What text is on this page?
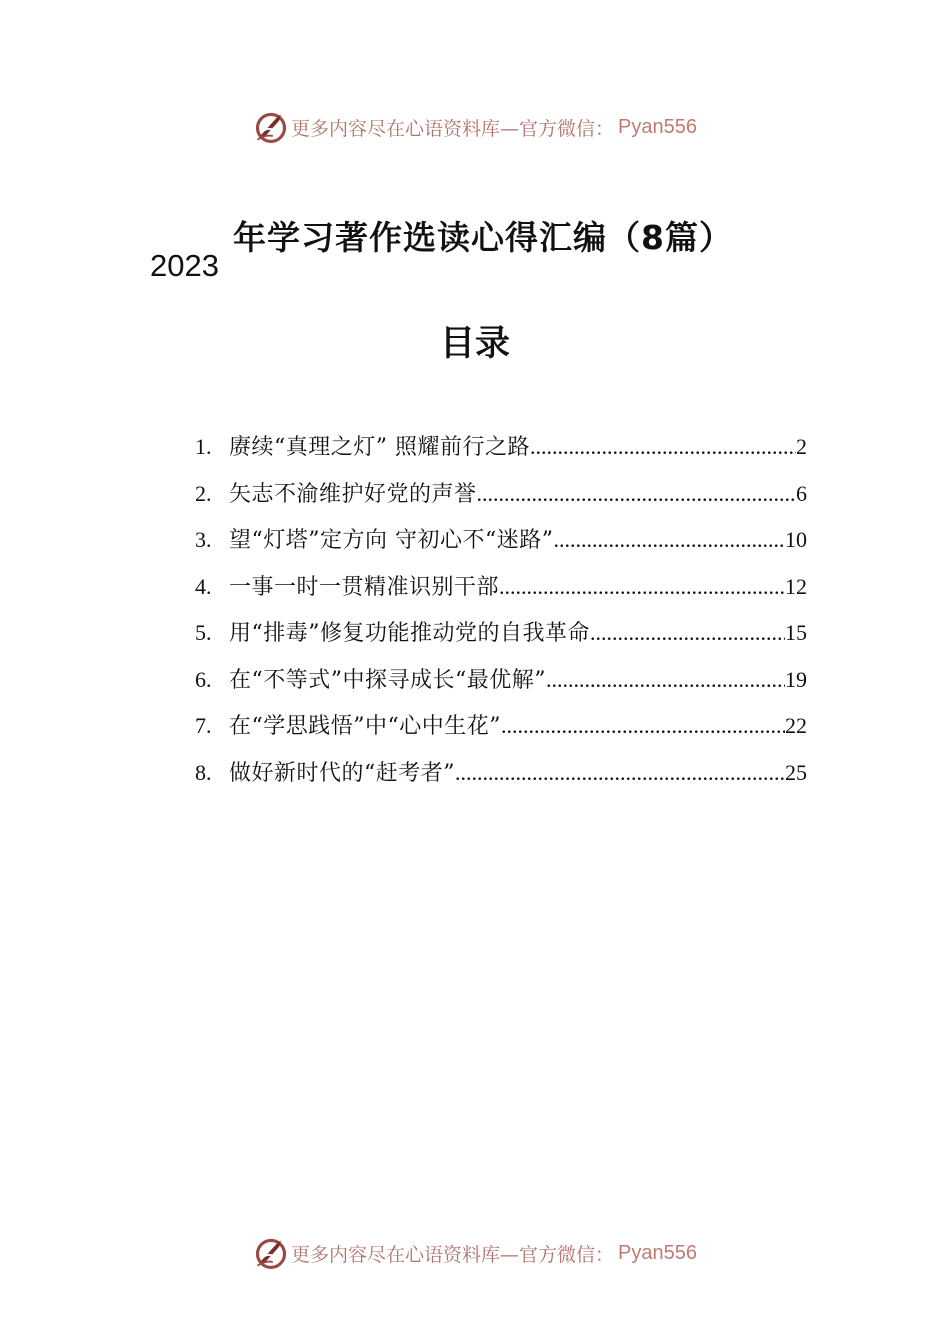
更多内容尽在心语资料库—官方微信： Pyan556
年学习著作选读心得汇编（8篇）
2023
目录
1. 赓续“真理之灯” 照耀前行之路 .....	2
2. 矢志不渝维护好党的声誉 .....	6
3. 望“灯塔”定方向 守初心不“迷路” .....	10
4. 一事一时一贯精准识别干部 .....	12
5. 用“排毒”修复功能推动党的自我革命 .....	15
6. 在“不等式”中探寻成长“最优解” .....	19
7. 在“学思践悟”中“心中生花” .....	22
8. 做好新时代的“赶考者” .....	25
更多内容尽在心语资料库—官方微信： Pyan556
